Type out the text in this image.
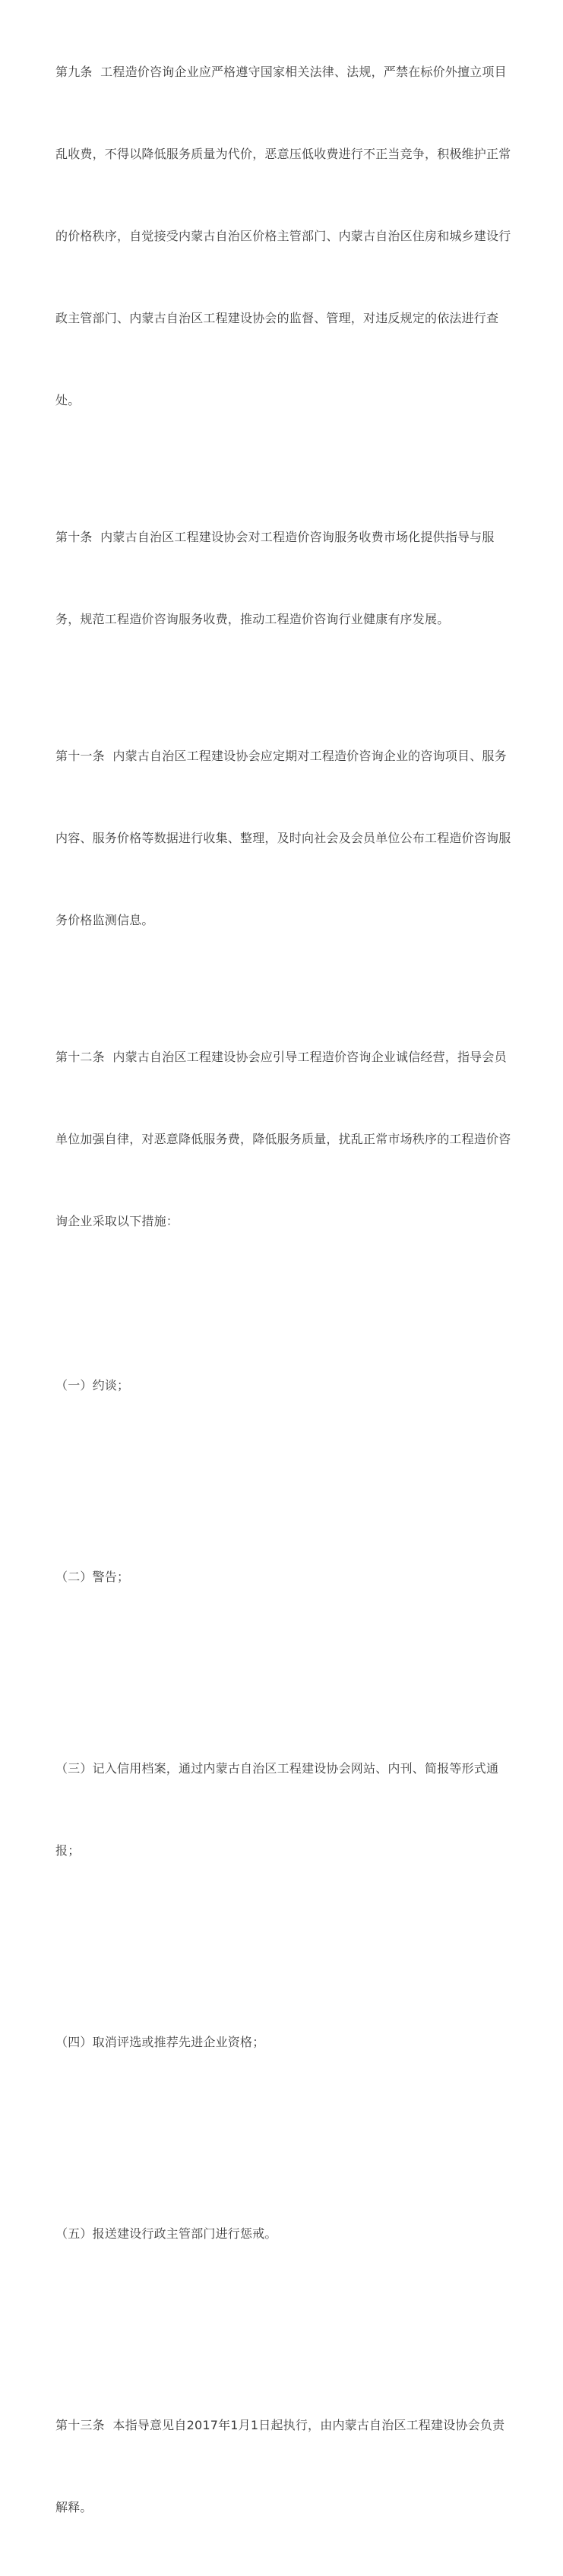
第九条  工程造价咨询企业应严格遵守国家相关法律、法规，严禁在标价外擅立项目

乱收费，不得以降低服务质量为代价，恶意压低收费进行不正当竞争，积极维护正常

的价格秩序，自觉接受内蒙古自治区价格主管部门、内蒙古自治区住房和城乡建设行

政主管部门、内蒙古自治区工程建设协会的监督、管理，对违反规定的依法进行查

处。

第十条  内蒙古自治区工程建设协会对工程造价咨询服务收费市场化提供指导与服

务，规范工程造价咨询服务收费，推动工程造价咨询行业健康有序发展。

第十一条  内蒙古自治区工程建设协会应定期对工程造价咨询企业的咨询项目、服务

内容、服务价格等数据进行收集、整理，及时向社会及会员单位公布工程造价咨询服

务价格监测信息。

第十二条  内蒙古自治区工程建设协会应引导工程造价咨询企业诚信经营，指导会员

单位加强自律，对恶意降低服务费，降低服务质量，扰乱正常市场秩序的工程造价咨

询企业采取以下措施：

（一）约谈；

（二）警告；

（三）记入信用档案，通过内蒙古自治区工程建设协会网站、内刊、简报等形式通

报；

（四）取消评选或推荐先进企业资格；

（五）报送建设行政主管部门进行惩戒。

第十三条  本指导意见自2017年1月1日起执行，由内蒙古自治区工程建设协会负责

解释。
